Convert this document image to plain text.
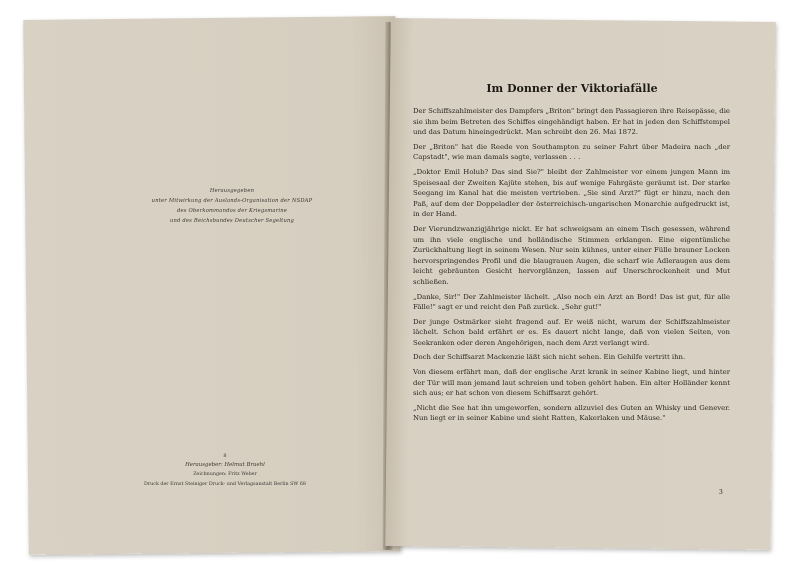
Herausgegeben
unter Mitwirkung der Auslands-Organisation der NSDAP
des Oberkommandos der Kriegsmarine
und des Reichsbundes Deutscher Segeltung
8
Herausgeber: Helmut Bruehl
Zeichnungen: Fritz Weber
Druck der Ernst Steiniger Druck- und Verlagsanstalt Berlin SW 68
Im Donner der Viktoriafälle

Der Schiffszahlmeister des Dampfers „Briton" bringt den Passagieren ihre Reisepässe, die sie ihm beim Betreten des Schiffes eingehändigt haben. Er hat in jeden den Schiffstempel und das Datum hineingedrückt. Man schreibt den 26. Mai 1872.

Der „Briton" hat die Reede von Southampton zu seiner Fahrt über Madeira nach „der Capstadt", wie man damals sagte, verlassen . . .

„Doktor Emil Holub? Das sind Sie?" bleibt der Zahlmeister vor einem jungen Mann im Speisesaal der Zweiten Kajüte stehen, bis auf wenige Fahrgäste geräumt ist. Der starke Seegang im Kanal hat die meisten vertrieben. „Sie sind Arzt?" fügt er hinzu, nach den Paß, auf dem der Doppeladler der österreichisch-ungarischen Monarchie aufgedruckt ist, in der Hand.

Der Vierundzwanzigjährige nickt. Er hat schweigsam an einem Tisch gesessen, während um ihn viele englische und holländische Stimmen erklangen. Eine eigentümliche Zurückhaltung liegt in seinem Wesen. Nur sein kühnes, unter einer Fülle brauner Locken hervorspringendes Profil und die blaugrauen Augen, die scharf wie Adleraugen aus dem leicht gebräunten Gesicht hervorglänzen, lassen auf Unerschrockenheit und Mut schließen.

„Danke, Sir!" Der Zahlmeister lächelt. „Also noch ein Arzt an Bord! Das ist gut, für alle Fälle!" sagt er und reicht den Paß zurück. „Sehr gut!"

Der junge Ostmärker sieht fragend auf. Er weiß nicht, warum der Schiffszahlmeister lächelt. Schon bald erfährt er es. Es dauert nicht lange, daß von vielen Seiten, von Seekranken oder deren Angehörigen, nach dem Arzt verlangt wird.

Doch der Schiffsarzt Mackenzie läßt sich nicht sehen. Ein Gehilfe vertritt ihn.

Von diesem erfährt man, daß der englische Arzt krank in seiner Kabine liegt, und hinter der Tür will man jemand laut schreien und toben gehört haben. Ein alter Holländer kennt sich aus; er hat schon von diesem Schiffsarzt gehört.

„Nicht die See hat ihn umgeworfen, sondern allzuviel des Guten an Whisky und Genever. Nun liegt er in seiner Kabine und sieht Ratten, Kakerlaken und Mäuse."

3
